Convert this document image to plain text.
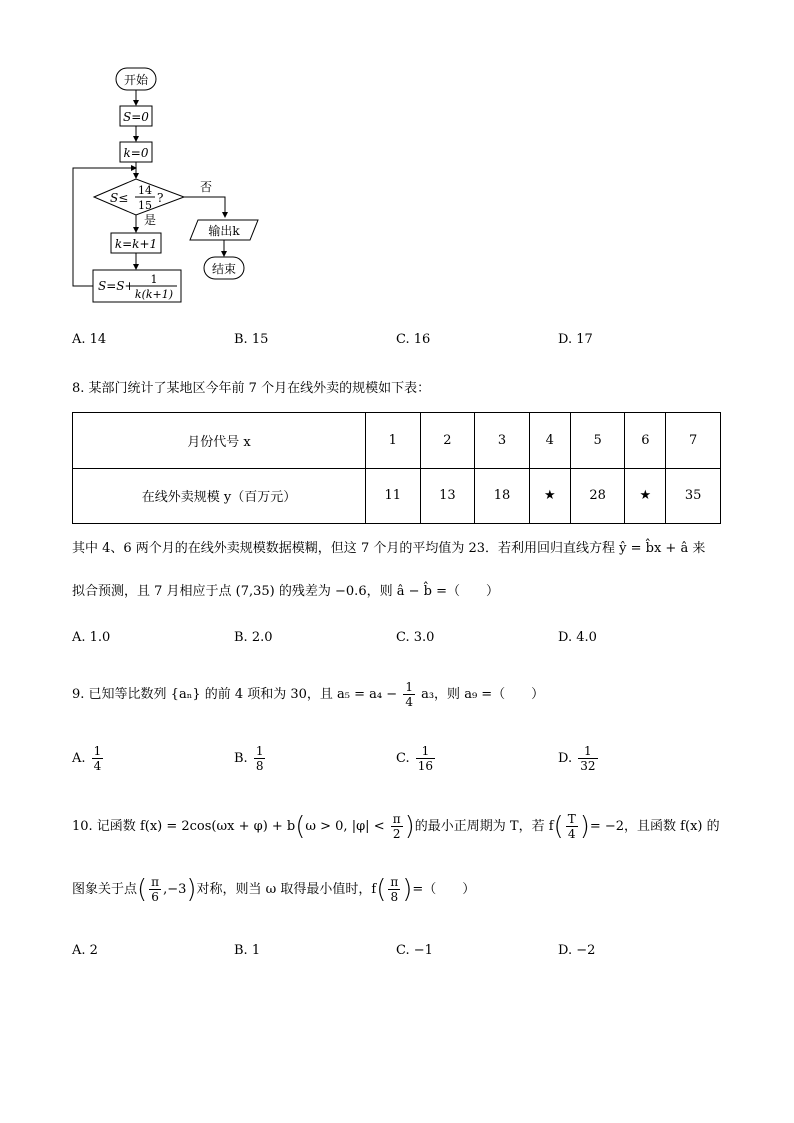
开始
S=0
k=0
S≤
14
15
?
是
否
k=k+1
S=S+ 1
k(k+1)
输出k
结束
A. 14	B. 15	C. 16	D. 17
8. 某部门统计了某地区今年前 7 个月在线外卖的规模如下表：
月份代号 x	1	2	3	4	5	6	7
在线外卖规模 y（百万元）	11	13	18	★	28	★	35
其中 4、6 两个月的在线外卖规模数据模糊，但这 7 个月的平均值为 23．若利用回归直线方程 ŷ = b̂x + â 来
拟合预测，且 7 月相应于点 (7,35) 的残差为 −0.6，则 â − b̂ =（　　）
A. 1.0	B. 2.0	C. 3.0	D. 4.0
9. 已知等比数列 {aₙ} 的前 4 项和为 30，且 $a_5 = a_4 - \frac{1}{4} a_3$，则 a₉ =（　　）
A. $\frac{1}{4}$	B. $\frac{1}{8}$	C. $\frac{1}{16}$	D. $\frac{1}{32}$
10. 记函数 f(x) = 2cos(ωx + φ) + b(ω > 0, $|\varphi| < \frac{\pi}{2}$ )的最小正周期为 T，若 $f( \frac{T}{4}$ )= −2，且函数 f(x) 的
图象关于点( $\frac{\pi}{6} ,-3$)对称，则当 ω 取得最小值时，$f( \frac{\pi}{8}$ )=（　　）
A. 2	B. 1	C. −1	D. −2
